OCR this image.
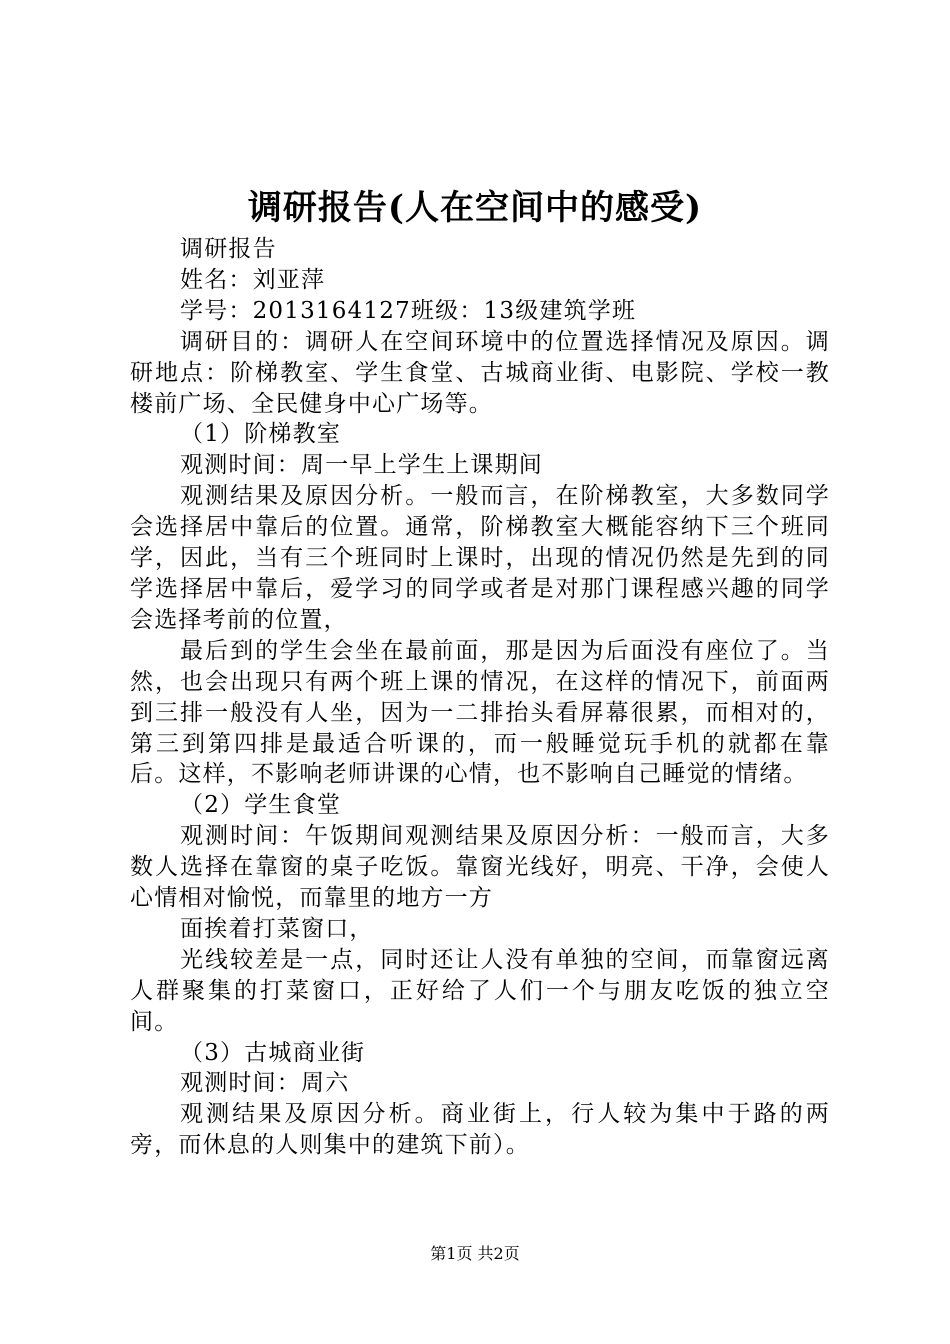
调研报告(人在空间中的感受)

调研报告

姓名：刘亚萍

学号：2013164127班级：13级建筑学班

调研目的：调研人在空间环境中的位置选择情况及原因。调研地点：阶梯教室、学生食堂、古城商业街、电影院、学校一教楼前广场、全民健身中心广场等。

（1）阶梯教室

观测时间：周一早上学生上课期间

观测结果及原因分析。一般而言，在阶梯教室，大多数同学会选择居中靠后的位置。通常，阶梯教室大概能容纳下三个班同学，因此，当有三个班同时上课时，出现的情况仍然是先到的同学选择居中靠后，爱学习的同学或者是对那门课程感兴趣的同学会选择考前的位置，

最后到的学生会坐在最前面，那是因为后面没有座位了。当然，也会出现只有两个班上课的情况，在这样的情况下，前面两到三排一般没有人坐，因为一二排抬头看屏幕很累，而相对的，第三到第四排是最适合听课的，而一般睡觉玩手机的就都在靠后。这样，不影响老师讲课的心情，也不影响自己睡觉的情绪。

（2）学生食堂

观测时间：午饭期间观测结果及原因分析：一般而言，大多数人选择在靠窗的桌子吃饭。靠窗光线好，明亮、干净，会使人心情相对愉悦，而靠里的地方一方

面挨着打菜窗口，

光线较差是一点，同时还让人没有单独的空间，而靠窗远离人群聚集的打菜窗口，正好给了人们一个与朋友吃饭的独立空间。

（3）古城商业街

观测时间：周六

观测结果及原因分析。商业街上，行人较为集中于路的两旁，而休息的人则集中的建筑下前）。

第1页 共2页
